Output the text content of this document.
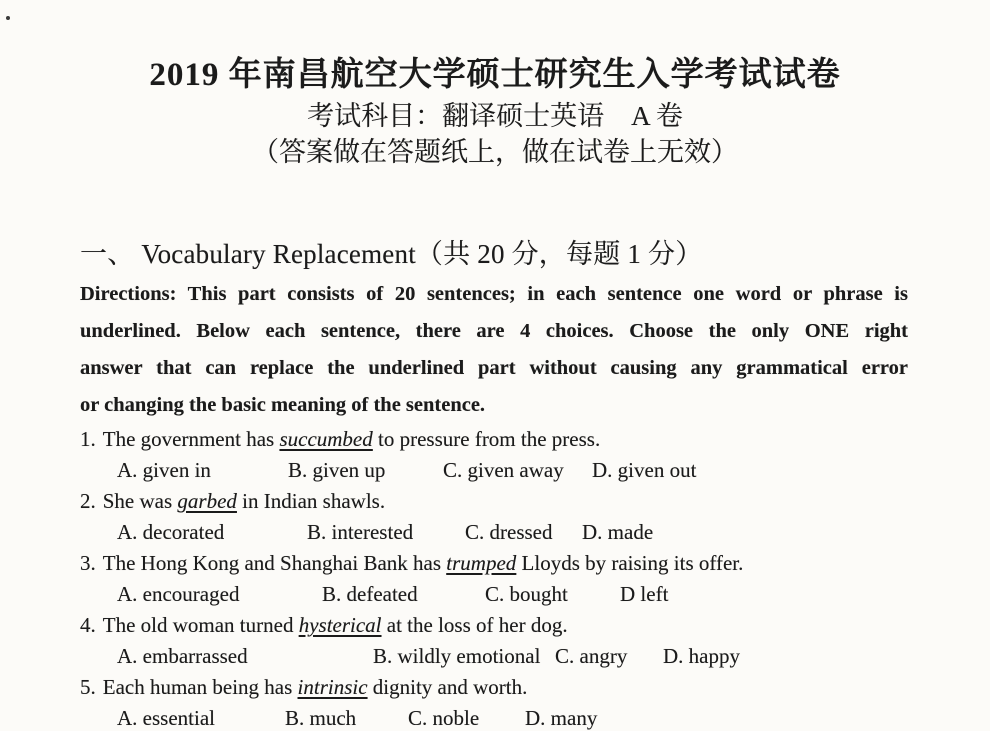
2019 年南昌航空大学硕士研究生入学考试试卷
考试科目：翻译硕士英语　A 卷
（答案做在答题纸上，做在试卷上无效）
一、 Vocabulary Replacement（共 20 分，每题 1 分）
Directions: This part consists of 20 sentences; in each sentence one word or phrase is
underlined. Below each sentence, there are 4 choices. Choose the only ONE right
answer that can replace the underlined part without causing any grammatical error
or changing the basic meaning of the sentence.
1. The government has succumbed to pressure from the press.
A. given in	B. given up	C. given away D. given out
2. She was garbed in Indian shawls.
A. decorated	B. interested C. dressed D. made
3. The Hong Kong and Shanghai Bank has trumped Lloyds by raising its offer.
A. encouraged	B. defeated	C. bought D left
4. The old woman turned hysterical at the loss of her dog.
A. embarrassed	B. wildly emotional C. angry D. happy
5. Each human being has intrinsic dignity and worth.
A. essential	B. much C. noble D. many
